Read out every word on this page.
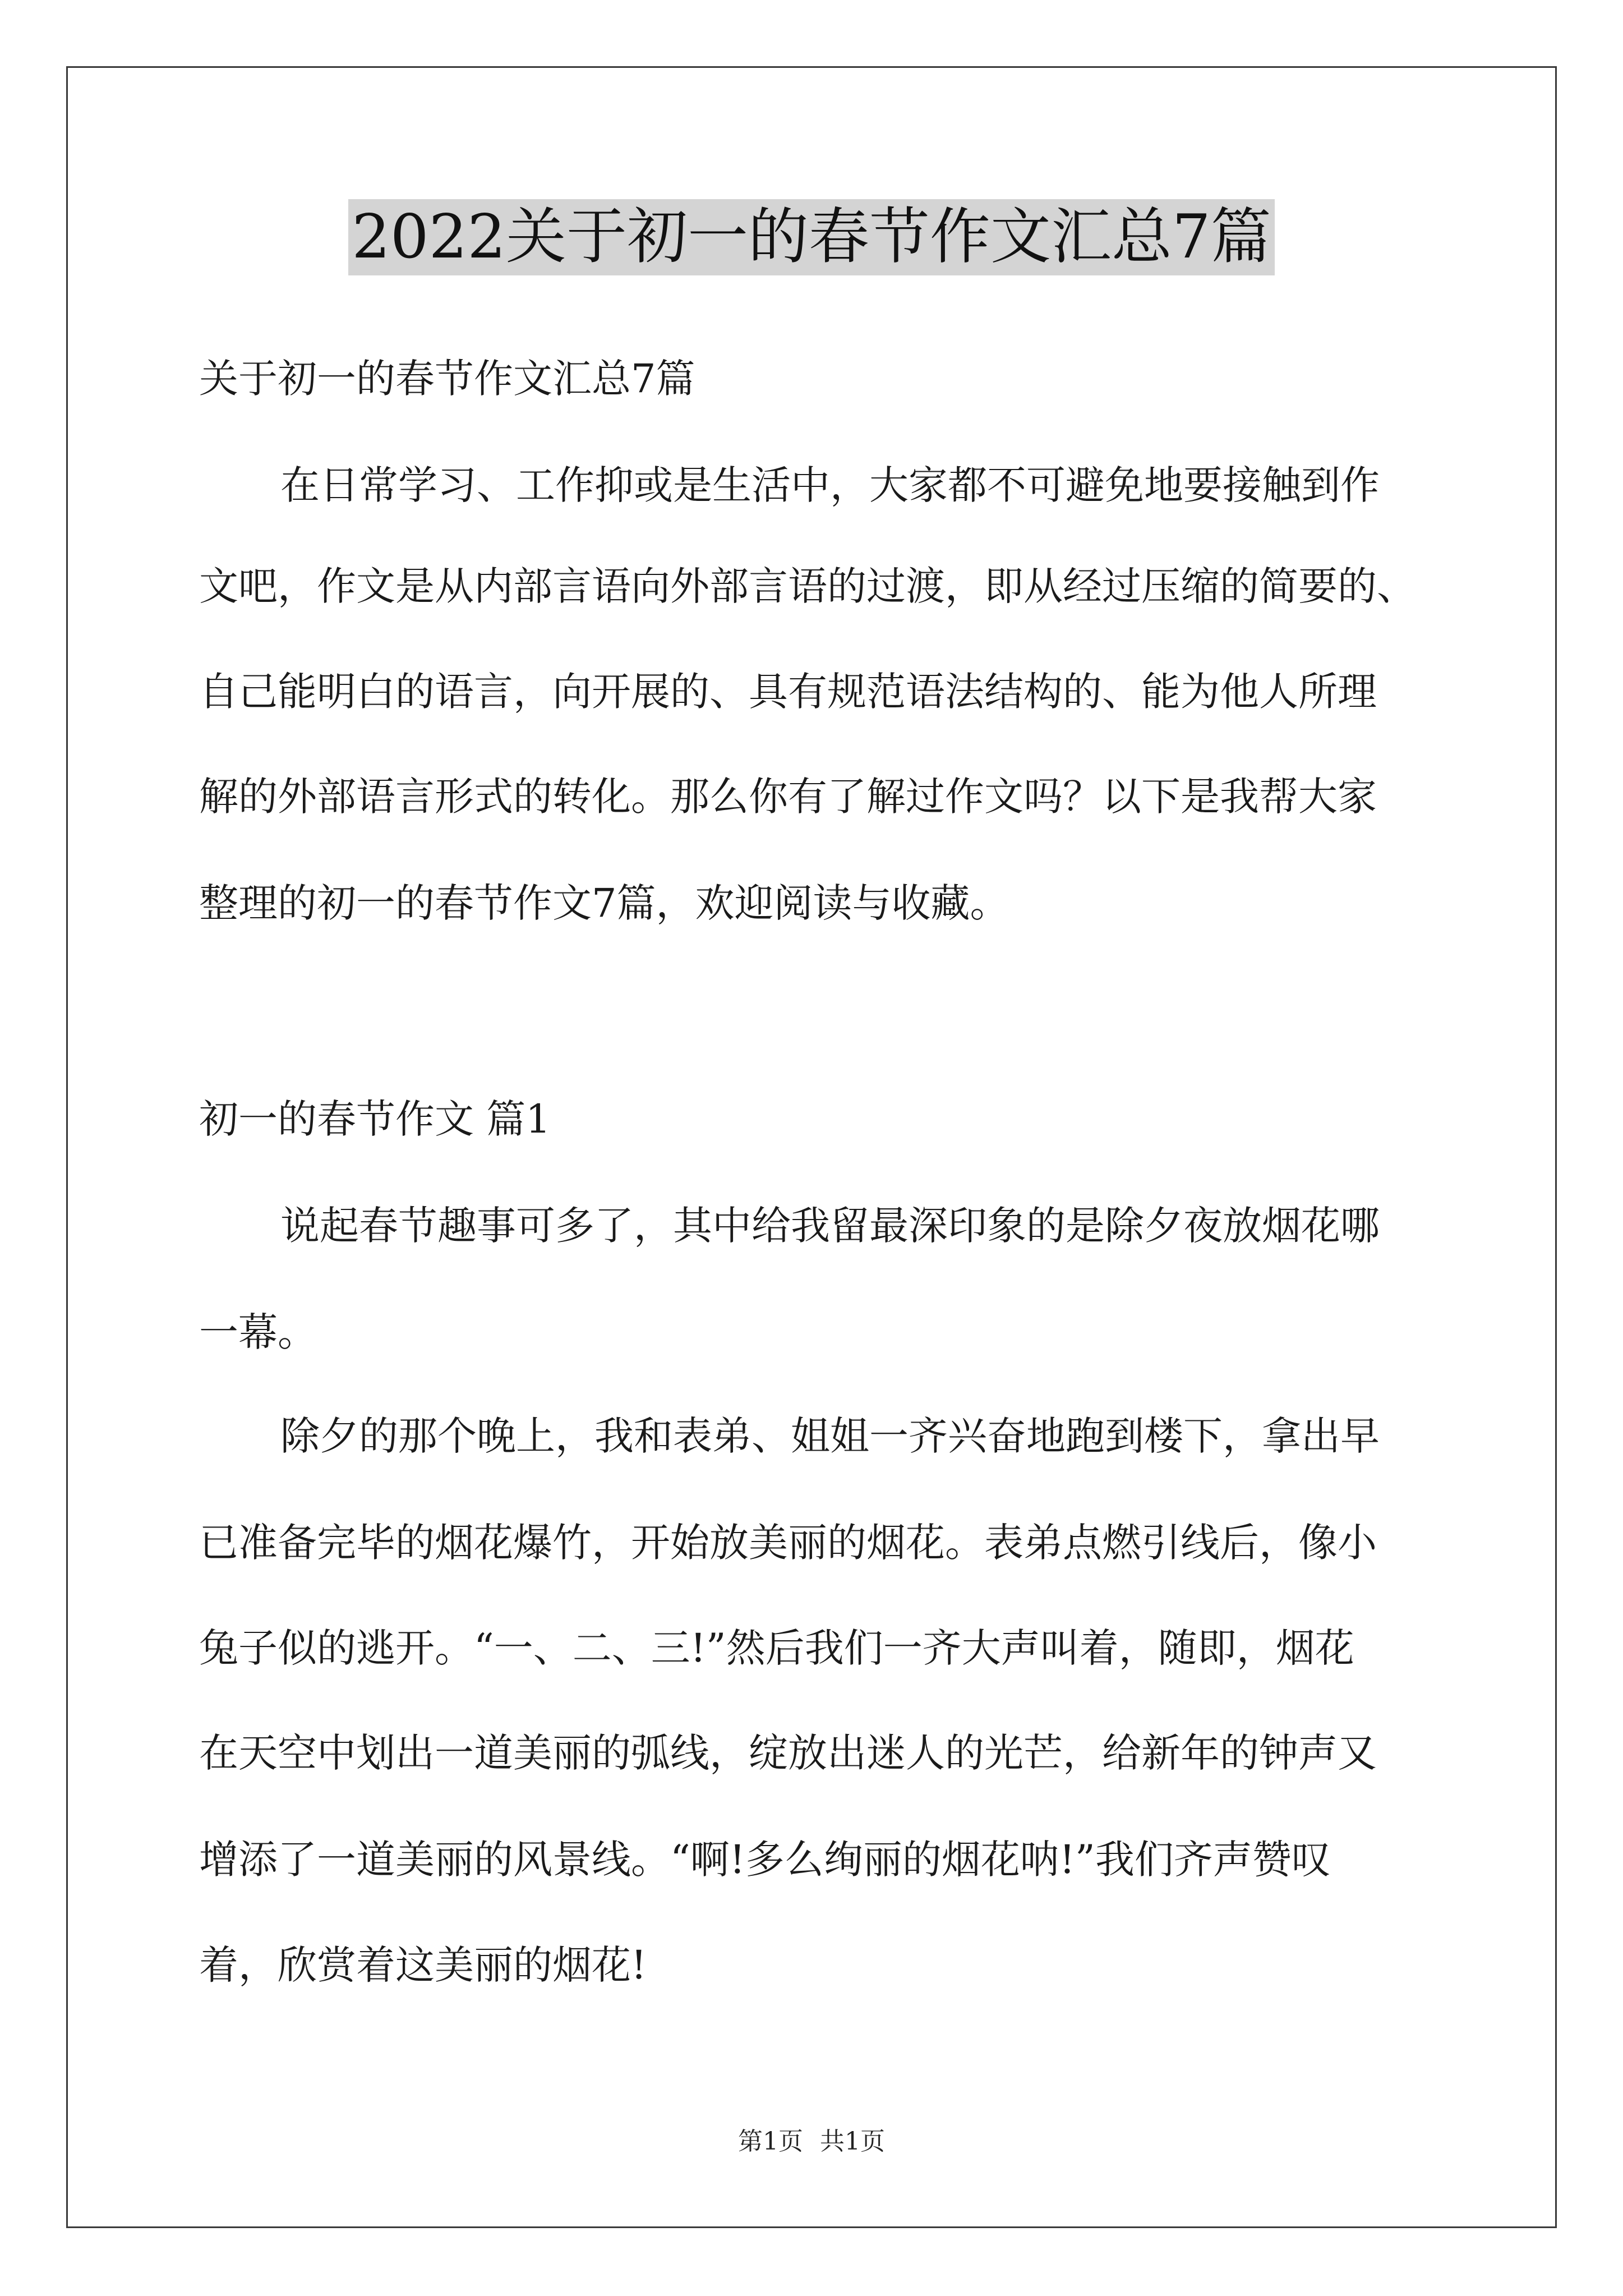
2022关于初一的春节作文汇总7篇
关于初一的春节作文汇总7篇
在日常学习、工作抑或是生活中，大家都不可避免地要接触到作
文吧，作文是从内部言语向外部言语的过渡，即从经过压缩的简要的、
自己能明白的语言，向开展的、具有规范语法结构的、能为他人所理
解的外部语言形式的转化。那么你有了解过作文吗？以下是我帮大家
整理的初一的春节作文7篇，欢迎阅读与收藏。
初一的春节作文 篇1
说起春节趣事可多了，其中给我留最深印象的是除夕夜放烟花哪
一幕。
除夕的那个晚上，我和表弟、姐姐一齐兴奋地跑到楼下，拿出早
已准备完毕的烟花爆竹，开始放美丽的烟花。表弟点燃引线后，像小
兔子似的逃开。“一、二、三!”然后我们一齐大声叫着，随即，烟花
在天空中划出一道美丽的弧线，绽放出迷人的光芒，给新年的钟声又
增添了一道美丽的风景线。“啊!多么绚丽的烟花呐!”我们齐声赞叹
着，欣赏着这美丽的烟花!
第1页 共1页
